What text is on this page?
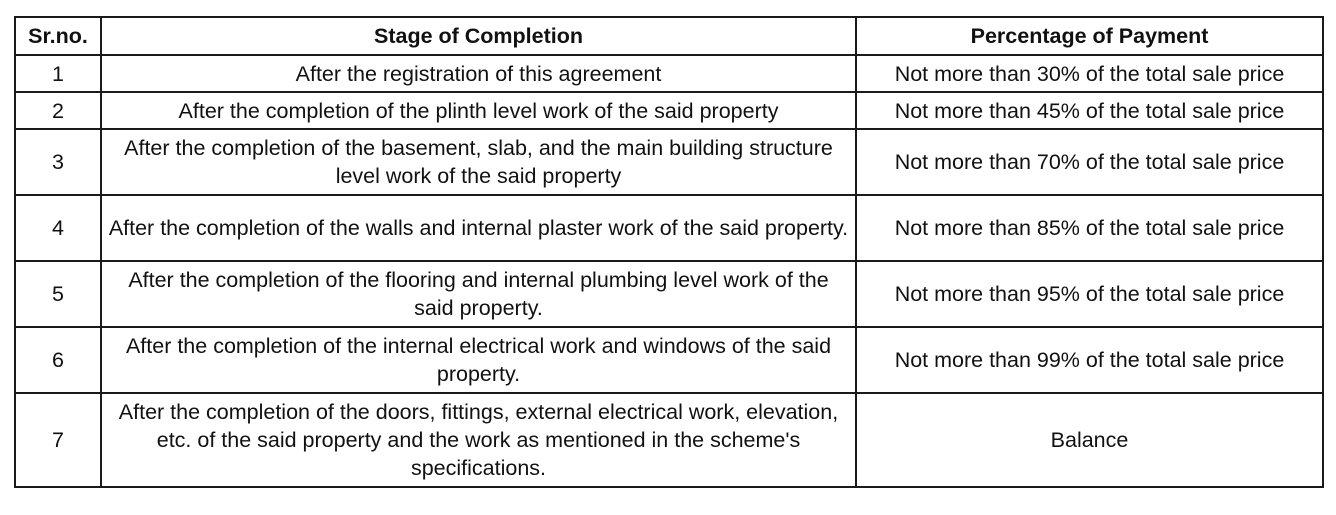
Sr.no.	Stage of Completion	Percentage of Payment
1	After the registration of this agreement	Not more than 30% of the total sale price
2	After the completion of the plinth level work of the said property	Not more than 45% of the total sale price
3	After the completion of the basement, slab, and the main building structure level work of the said property	Not more than 70% of the total sale price
4	After the completion of the walls and internal plaster work of the said property.	Not more than 85% of the total sale price
5	After the completion of the flooring and internal plumbing level work of the said property.	Not more than 95% of the total sale price
6	After the completion of the internal electrical work and windows of the said property.	Not more than 99% of the total sale price
7	After the completion of the doors, fittings, external electrical work, elevation, etc. of the said property and the work as mentioned in the scheme's specifications.	Balance
